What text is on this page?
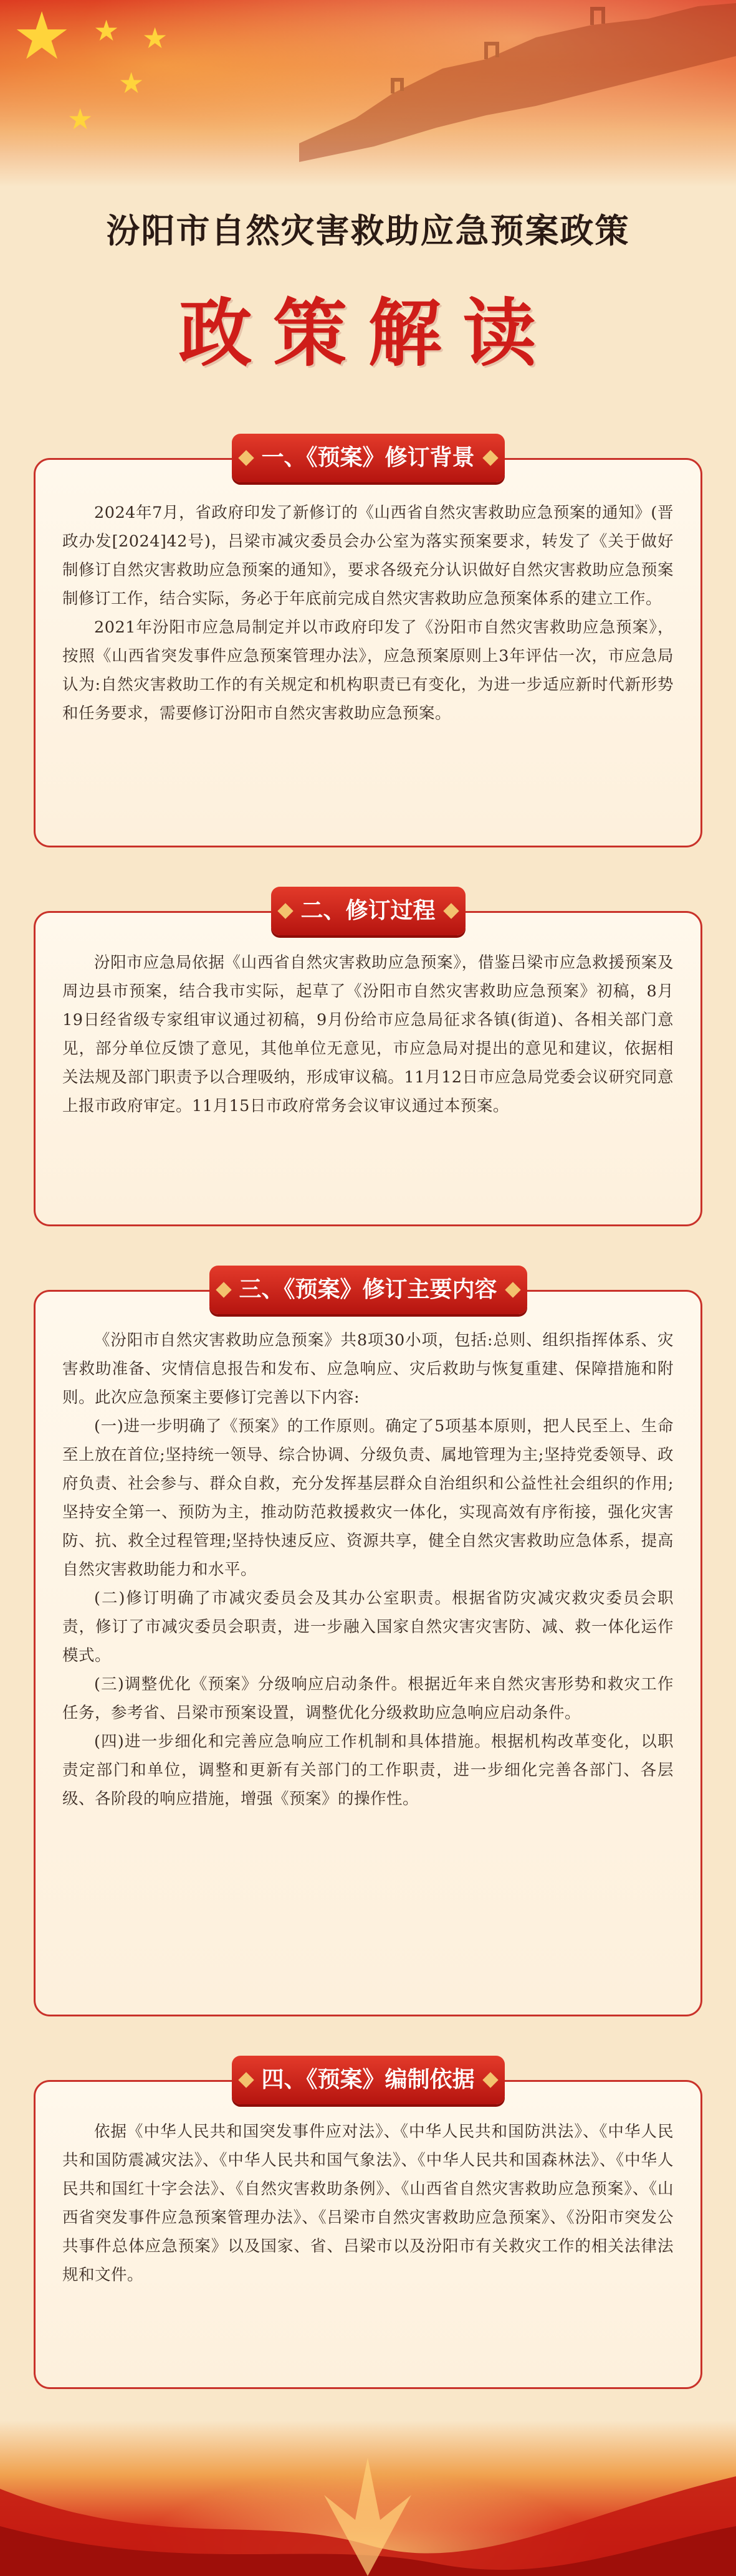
★ ★ ★
★
★
汾阳市自然灾害救助应急预案政策
政策解读
一、《预案》修订背景

2024年7月，省政府印发了新修订的《山西省自然灾害救助应急预案的通知》(晋政办发[2024]42号)，吕梁市减灾委员会办公室为落实预案要求，转发了《关于做好制修订自然灾害救助应急预案的通知》，要求各级充分认识做好自然灾害救助应急预案制修订工作，结合实际，务必于年底前完成自然灾害救助应急预案体系的建立工作。

2021年汾阳市应急局制定并以市政府印发了《汾阳市自然灾害救助应急预案》，按照《山西省突发事件应急预案管理办法》，应急预案原则上3年评估一次，市应急局认为:自然灾害救助工作的有关规定和机构职责已有变化，为进一步适应新时代新形势和任务要求，需要修订汾阳市自然灾害救助应急预案。

二、修订过程

汾阳市应急局依据《山西省自然灾害救助应急预案》，借鉴吕梁市应急救援预案及周边县市预案，结合我市实际，起草了《汾阳市自然灾害救助应急预案》初稿，8月19日经省级专家组审议通过初稿，9月份给市应急局征求各镇(街道)、各相关部门意见，部分单位反馈了意见，其他单位无意见，市应急局对提出的意见和建议，依据相关法规及部门职责予以合理吸纳，形成审议稿。11月12日市应急局党委会议研究同意上报市政府审定。11月15日市政府常务会议审议通过本预案。

三、《预案》修订主要内容

《汾阳市自然灾害救助应急预案》共8项30小项，包括:总则、组织指挥体系、灾害救助准备、灾情信息报告和发布、应急响应、灾后救助与恢复重建、保障措施和附则。此次应急预案主要修订完善以下内容:

(一)进一步明确了《预案》的工作原则。确定了5项基本原则，把人民至上、生命至上放在首位;坚持统一领导、综合协调、分级负责、属地管理为主;坚持党委领导、政府负责、社会参与、群众自救，充分发挥基层群众自治组织和公益性社会组织的作用;坚持安全第一、预防为主，推动防范救援救灾一体化，实现高效有序衔接，强化灾害防、抗、救全过程管理;坚持快速反应、资源共享，健全自然灾害救助应急体系，提高自然灾害救助能力和水平。

(二)修订明确了市减灾委员会及其办公室职责。根据省防灾减灾救灾委员会职责，修订了市减灾委员会职责，进一步融入国家自然灾害灾害防、减、救一体化运作模式。

(三)调整优化《预案》分级响应启动条件。根据近年来自然灾害形势和救灾工作任务，参考省、吕梁市预案设置，调整优化分级救助应急响应启动条件。

(四)进一步细化和完善应急响应工作机制和具体措施。根据机构改革变化，以职责定部门和单位，调整和更新有关部门的工作职责，进一步细化完善各部门、各层级、各阶段的响应措施，增强《预案》的操作性。

四、《预案》编制依据

依据《中华人民共和国突发事件应对法》、《中华人民共和国防洪法》、《中华人民共和国防震减灾法》、《中华人民共和国气象法》、《中华人民共和国森林法》、《中华人民共和国红十字会法》、《自然灾害救助条例》、《山西省自然灾害救助应急预案》、《山西省突发事件应急预案管理办法》、《吕梁市自然灾害救助应急预案》、《汾阳市突发公共事件总体应急预案》以及国家、省、吕梁市以及汾阳市有关救灾工作的相关法律法规和文件。
